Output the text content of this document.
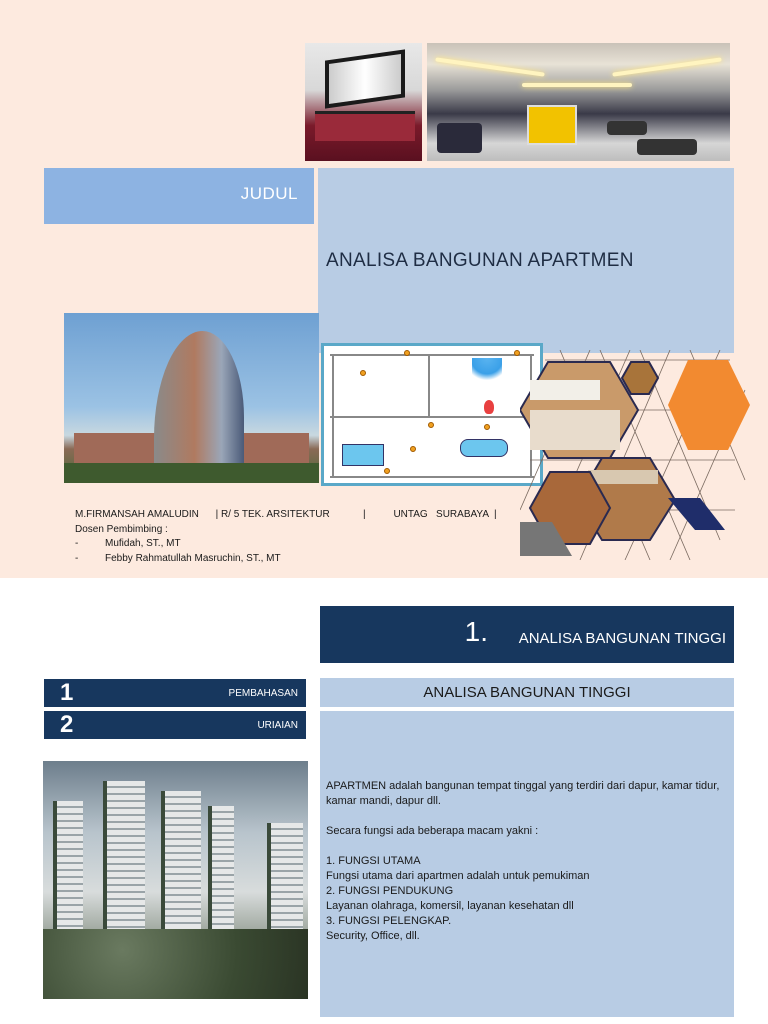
JUDUL
ANALISA BANGUNAN APARTMEN
M.FIRMANSAH AMALUDIN | R/ 5 TEK. ARSITEKTUR	|	UNTAG   SURABAYA |
Dosen Pembimbing :
-	Mufidah, ST., MT
-	Febby Rahmatullah Masruchin, ST., MT
1. ANALISA BANGUNAN TINGGI
1	PEMBAHASAN
2	URIAIAN
ANALISA BANGUNAN TINGGI

APARTMEN adalah bangunan tempat tinggal yang terdiri dari dapur, kamar tidur, kamar mandi, dapur dll.

Secara fungsi ada beberapa macam yakni :

1. FUNGSI UTAMA

Fungsi utama dari apartmen adalah untuk pemukiman

2. FUNGSI PENDUKUNG

Layanan olahraga, komersil, layanan kesehatan dll

3. FUNGSI PELENGKAP.

Security, Office, dll.
